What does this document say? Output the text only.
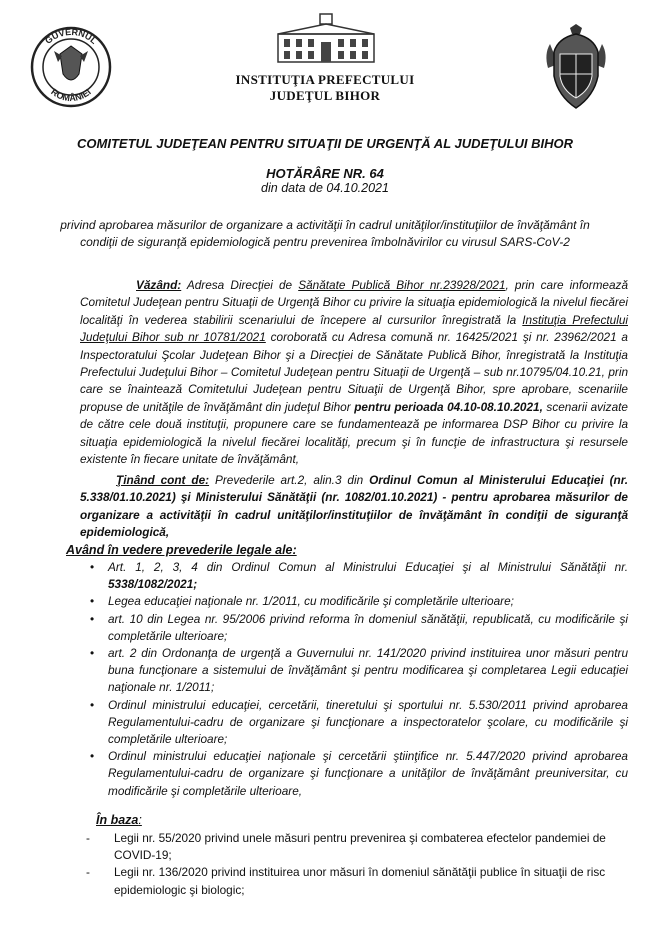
GUVERNUL
ROMÂNIEI
INSTITUŢIA PREFECTULUI
JUDEŢUL BIHOR
COMITETUL JUDEŢEAN PENTRU SITUAŢII DE URGENŢĂ AL JUDEŢULUI BIHOR
HOTĂRÂRE NR. 64
din data de 04.10.2021
privind aprobarea măsurilor de organizare a activităţii în cadrul unităţilor/instituţiilor de învăţământ în condiţii de siguranţă epidemiologică pentru prevenirea îmbolnăvirilor cu virusul SARS-CoV-2
Văzând: Adresa Direcţiei de Sănătate Publică Bihor nr.23928/2021, prin care informează Comitetul Judeţean pentru Situaţii de Urgenţă Bihor cu privire la situaţia epidemiologică la nivelul fiecărei localităţi în vederea stabilirii scenariului de începere al cursurilor înregistrată la Instituţia Prefectului Judeţului Bihor sub nr 10781/2021 coroborată cu Adresa comună nr. 16425/2021 şi nr. 23962/2021 a Inspectoratului Şcolar Judeţean Bihor şi a Direcţiei de Sănătate Publică Bihor, înregistrată la Instituţia Prefectului Judeţului Bihor – Comitetul Judeţean pentru Situaţii de Urgenţă – sub nr.10795/04.10.21, prin care se înaintează Comitetului Judeţean pentru Situaţii de Urgenţă Bihor, spre aprobare, scenariile propuse de unităţile de învăţământ din judeţul Bihor pentru perioada 04.10-08.10.2021, scenarii avizate de către cele două instituţii, propunere care se fundamentează pe informarea DSP Bihor cu privire la situaţia epidemiologică la nivelul fiecărei localităţi, precum şi în funcţie de infrastructura şi resursele existente în fiecare unitate de învăţământ,
Ţinând cont de: Prevederile art.2, alin.3 din Ordinul Comun al Ministerului Educaţiei (nr. 5.338/01.10.2021) şi Ministerului Sănătăţii (nr. 1082/01.10.2021) - pentru aprobarea măsurilor de organizare a activităţii în cadrul unităţilor/instituţiilor de învăţământ în condiţii de siguranţă epidemiologică,
Având în vedere prevederile legale ale:
• Art. 1, 2, 3, 4 din Ordinul Comun al Ministrului Educaţiei şi al Ministrului Sănătăţii nr. 5338/1082/2021;
• Legea educaţiei naţionale nr. 1/2011, cu modificările şi completările ulterioare;
• art. 10 din Legea nr. 95/2006 privind reforma în domeniul sănătăţii, republicată, cu modificările şi completările ulterioare;
• art. 2 din Ordonanţa de urgenţă a Guvernului nr. 141/2020 privind instituirea unor măsuri pentru buna funcţionare a sistemului de învăţământ şi pentru modificarea şi completarea Legii educaţiei naţionale nr. 1/2011;
• Ordinul ministrului educaţiei, cercetării, tineretului şi sportului nr. 5.530/2011 privind aprobarea Regulamentului-cadru de organizare şi funcţionare a inspectoratelor şcolare, cu modificările şi completările ulterioare;
• Ordinul ministrului educaţiei naţionale şi cercetării ştiinţifice nr. 5.447/2020 privind aprobarea Regulamentului-cadru de organizare şi funcţionare a unităţilor de învăţământ preuniversitar, cu modificările şi completările ulterioare,
În baza:
- Legii nr. 55/2020 privind unele măsuri pentru prevenirea şi combaterea efectelor pandemiei de COVID-19;
- Legii nr. 136/2020 privind instituirea unor măsuri în domeniul sănătăţii publice în situaţii de risc epidemiologic şi biologic;
